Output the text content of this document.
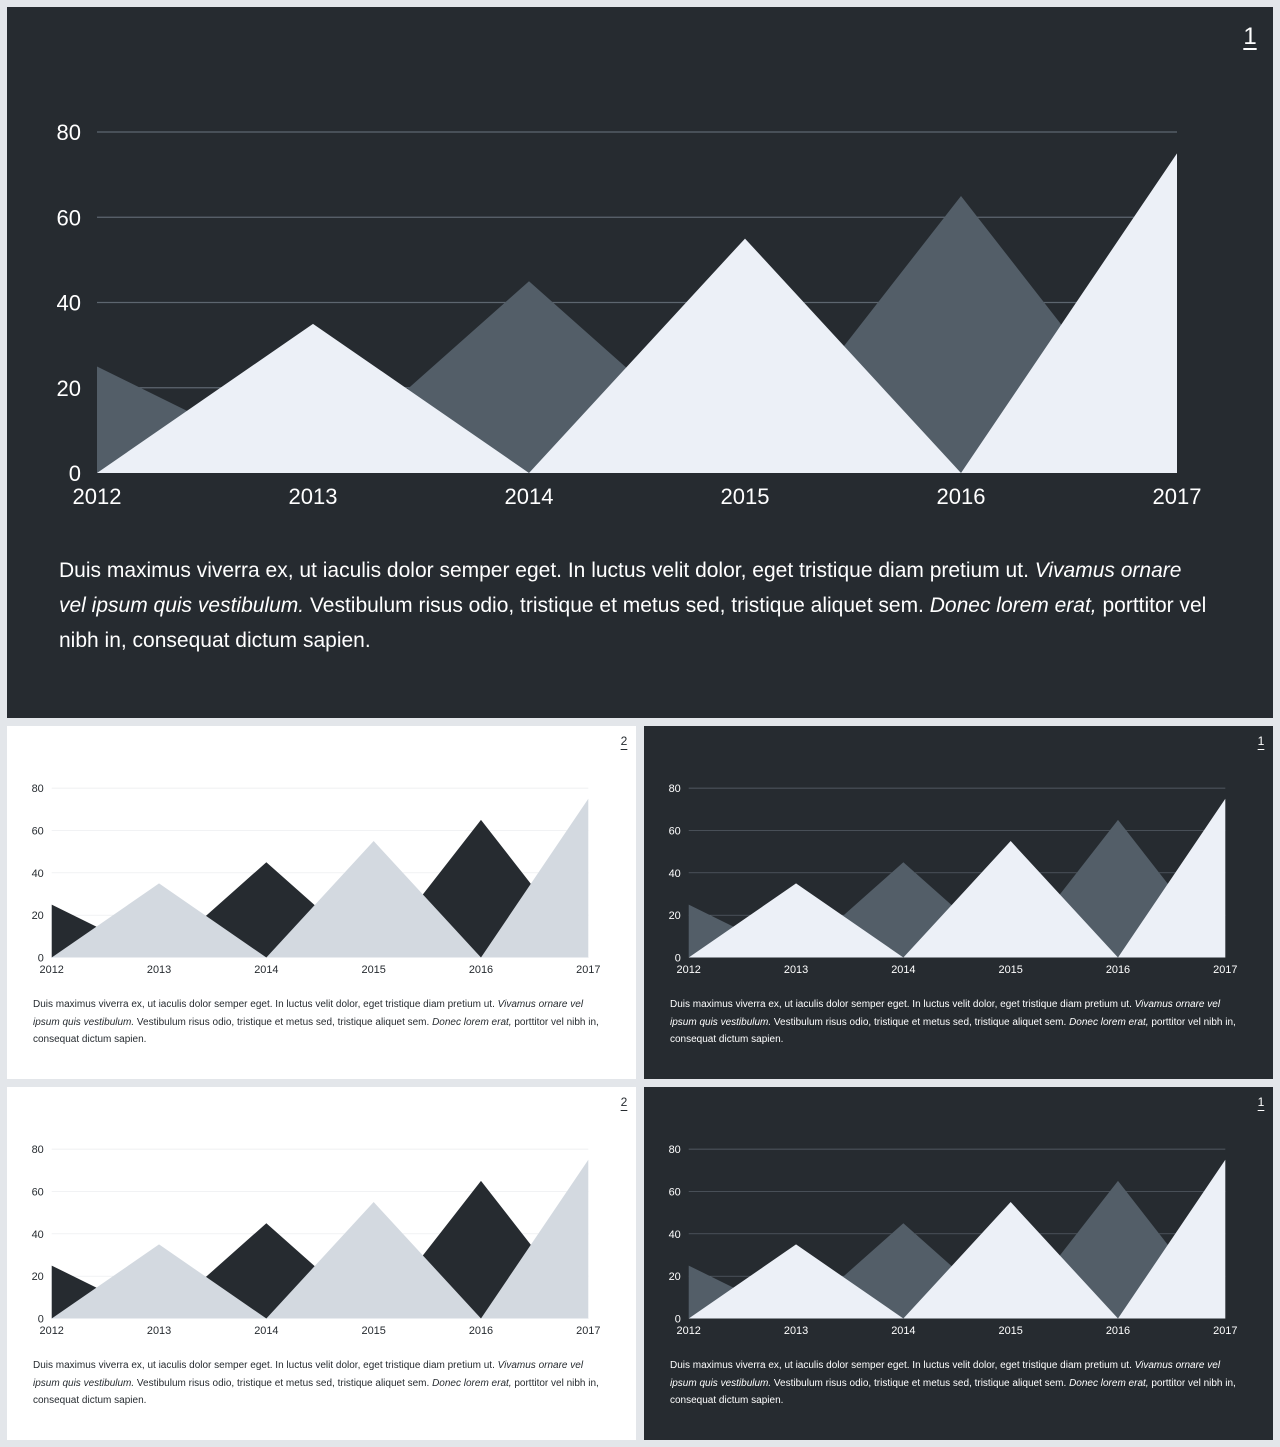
1
0
20
40
60
80
2012	2013	2014	2015	2016	2017

Duis maximus viverra ex, ut iaculis dolor semper eget. In luctus velit dolor, eget tristique diam pretium ut. Vivamus ornare vel ipsum quis vestibulum. Vestibulum risus odio, tristique et metus sed, tristique aliquet sem. Donec lorem erat, porttitor vel nibh in, consequat dictum sapien.

2
0
20
40
60
80
2012	2013	2014	2015	2016	2017

Duis maximus viverra ex, ut iaculis dolor semper eget. In luctus velit dolor, eget tristique diam pretium ut. Vivamus ornare vel ipsum quis vestibulum. Vestibulum risus odio, tristique et metus sed, tristique aliquet sem. Donec lorem erat, porttitor vel nibh in, consequat dictum sapien.

1
0
20
40
60
80
2012	2013	2014	2015	2016	2017

Duis maximus viverra ex, ut iaculis dolor semper eget. In luctus velit dolor, eget tristique diam pretium ut. Vivamus ornare vel ipsum quis vestibulum. Vestibulum risus odio, tristique et metus sed, tristique aliquet sem. Donec lorem erat, porttitor vel nibh in, consequat dictum sapien.

2
0
20
40
60
80
2012	2013	2014	2015	2016	2017

Duis maximus viverra ex, ut iaculis dolor semper eget. In luctus velit dolor, eget tristique diam pretium ut. Vivamus ornare vel ipsum quis vestibulum. Vestibulum risus odio, tristique et metus sed, tristique aliquet sem. Donec lorem erat, porttitor vel nibh in, consequat dictum sapien.

1
0
20
40
60
80
2012	2013	2014	2015	2016	2017

Duis maximus viverra ex, ut iaculis dolor semper eget. In luctus velit dolor, eget tristique diam pretium ut. Vivamus ornare vel ipsum quis vestibulum. Vestibulum risus odio, tristique et metus sed, tristique aliquet sem. Donec lorem erat, porttitor vel nibh in, consequat dictum sapien.
